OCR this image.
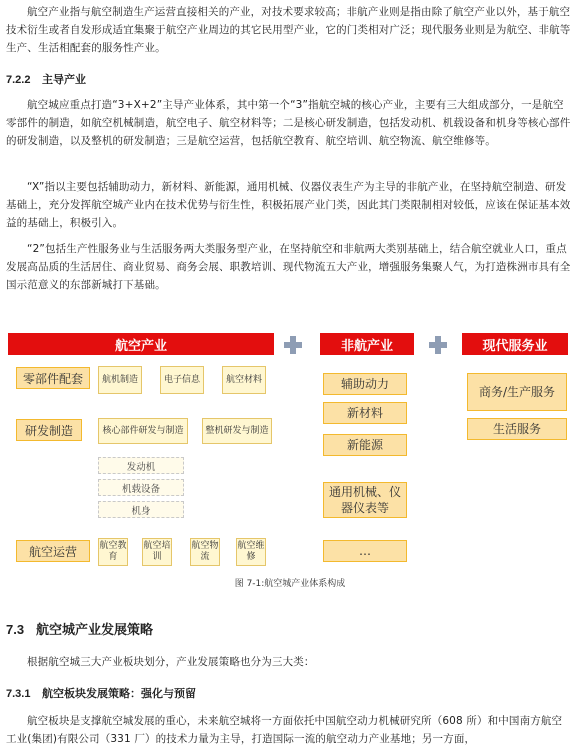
航空产业指与航空制造生产运营直接相关的产业，对技术要求较高；非航产业则是指由除了航空产业以外，基于航空技术衍生或者自发形成适宜集聚于航空产业周边的其它民用型产业，它的门类相对广泛；现代服务业则是为航空、非航等生产、生活相配套的服务性产业。

7.2.2 主导产业

航空城应重点打造“3+X+2”主导产业体系，其中第一个“3”指航空城的核心产业，主要有三大组成部分，一是航空零部件的制造，如航空机械制造，航空电子、航空材料等；二是核心研发制造，包括发动机、机载设备和机身等核心部件的研发制造，以及整机的研发制造；三是航空运营，包括航空教育、航空培训、航空物流、航空维修等。

“X”指以主要包括辅助动力，新材料、新能源，通用机械、仪器仪表生产为主导的非航产业，在坚持航空制造、研发基础上，充分发挥航空城产业内在技术优势与衍生性，积极拓展产业门类，因此其门类限制相对较低，应该在保证基本效益的基础上，积极引入。

“2”包括生产性服务业与生活服务两大类服务型产业，在坚持航空和非航两大类别基础上，结合航空就业人口，重点发展高品质的生活居住、商业贸易、商务会展、职教培训、现代物流五大产业，增强服务集聚人气，为打造株洲市具有全国示范意义的东部新城打下基础。

航空产业	非航产业	现代服务业
零部件配套	航机制造	电子信息	航空材料
研发制造	核心部件研发与制造	整机研发与制造
发动机
机载设备
机身
航空运营	航空教育
航空培训
航空物流
航空维修
辅助动力
新材料
新能源
通用机械、仪器仪表等
…
商务/生产服务
生活服务
图 7-1:航空城产业体系构成
7.3 航空城产业发展策略

根据航空城三大产业板块划分，产业发展策略也分为三大类：

7.3.1 航空板块发展策略：强化与预留

航空板块是支撑航空城发展的重心，未来航空城将一方面依托中国航空动力机械研究所（608 所）和中国南方航空工业(集团)有限公司（331 厂）的技术力量为主导，打造国际一流的航空动力产业基地；另一方面，
